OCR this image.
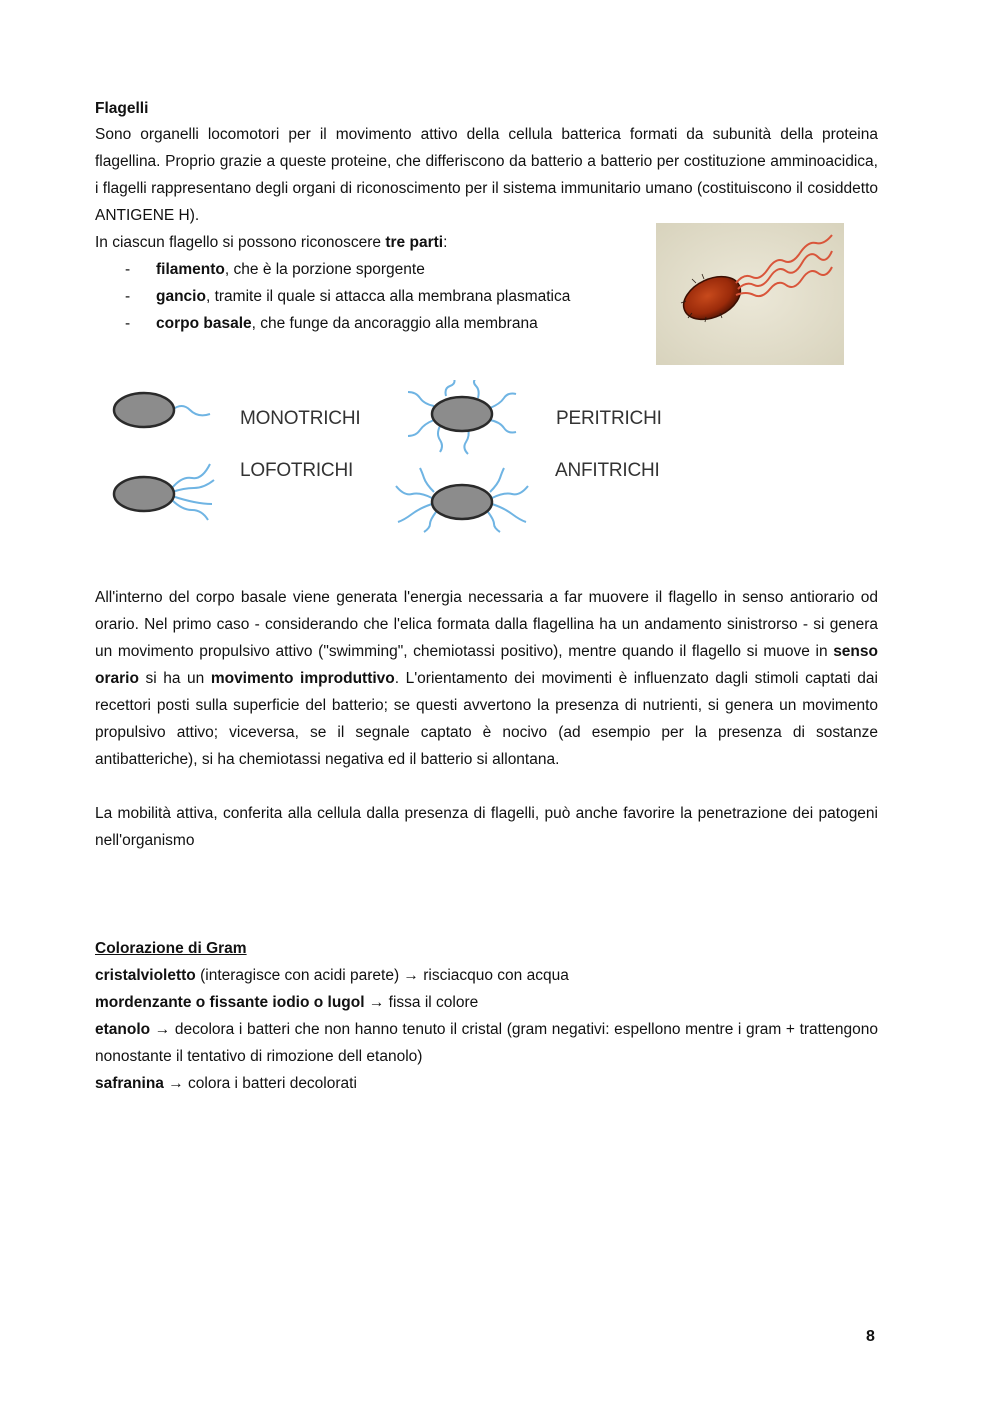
Flagelli
Sono organelli locomotori per il movimento attivo della cellula batterica formati da subunità della proteina flagellina. Proprio grazie a queste proteine, che differiscono da batterio a batterio per costituzione amminoacidica, i flagelli rappresentano degli organi di riconoscimento per il sistema immunitario umano (costituiscono il cosiddetto ANTIGENE H).
In ciascun flagello si possono riconoscere tre parti:
- filamento, che è la porzione sporgente
- gancio, tramite il quale si attacca alla membrana plasmatica
- corpo basale, che funge da ancoraggio alla membrana
MONOTRICHI	PERITRICHI
LOFOTRICHI	ANFITRICHI
All'interno del corpo basale viene generata l'energia necessaria a far muovere il flagello in senso antiorario od orario. Nel primo caso - considerando che l'elica formata dalla flagellina ha un andamento sinistrorso - si genera un movimento propulsivo attivo ("swimming", chemiotassi positivo), mentre quando il flagello si muove in senso orario si ha un movimento improduttivo. L'orientamento dei movimenti è influenzato dagli stimoli captati dai recettori posti sulla superficie del batterio; se questi avvertono la presenza di nutrienti, si genera un movimento propulsivo attivo; viceversa, se il segnale captato è nocivo (ad esempio per la presenza di sostanze antibatteriche), si ha chemiotassi negativa ed il batterio si allontana.
La mobilità attiva, conferita alla cellula dalla presenza di flagelli, può anche favorire la penetrazione dei patogeni nell'organismo
Colorazione di Gram
cristalvioletto (interagisce con acidi parete) → risciacquo con acqua
mordenzante o fissante iodio o lugol → fissa il colore
etanolo → decolora i batteri che non hanno tenuto il cristal (gram negativi: espellono mentre i gram + trattengono nonostante il tentativo di rimozione dell etanolo)
safranina → colora i batteri decolorati
8
